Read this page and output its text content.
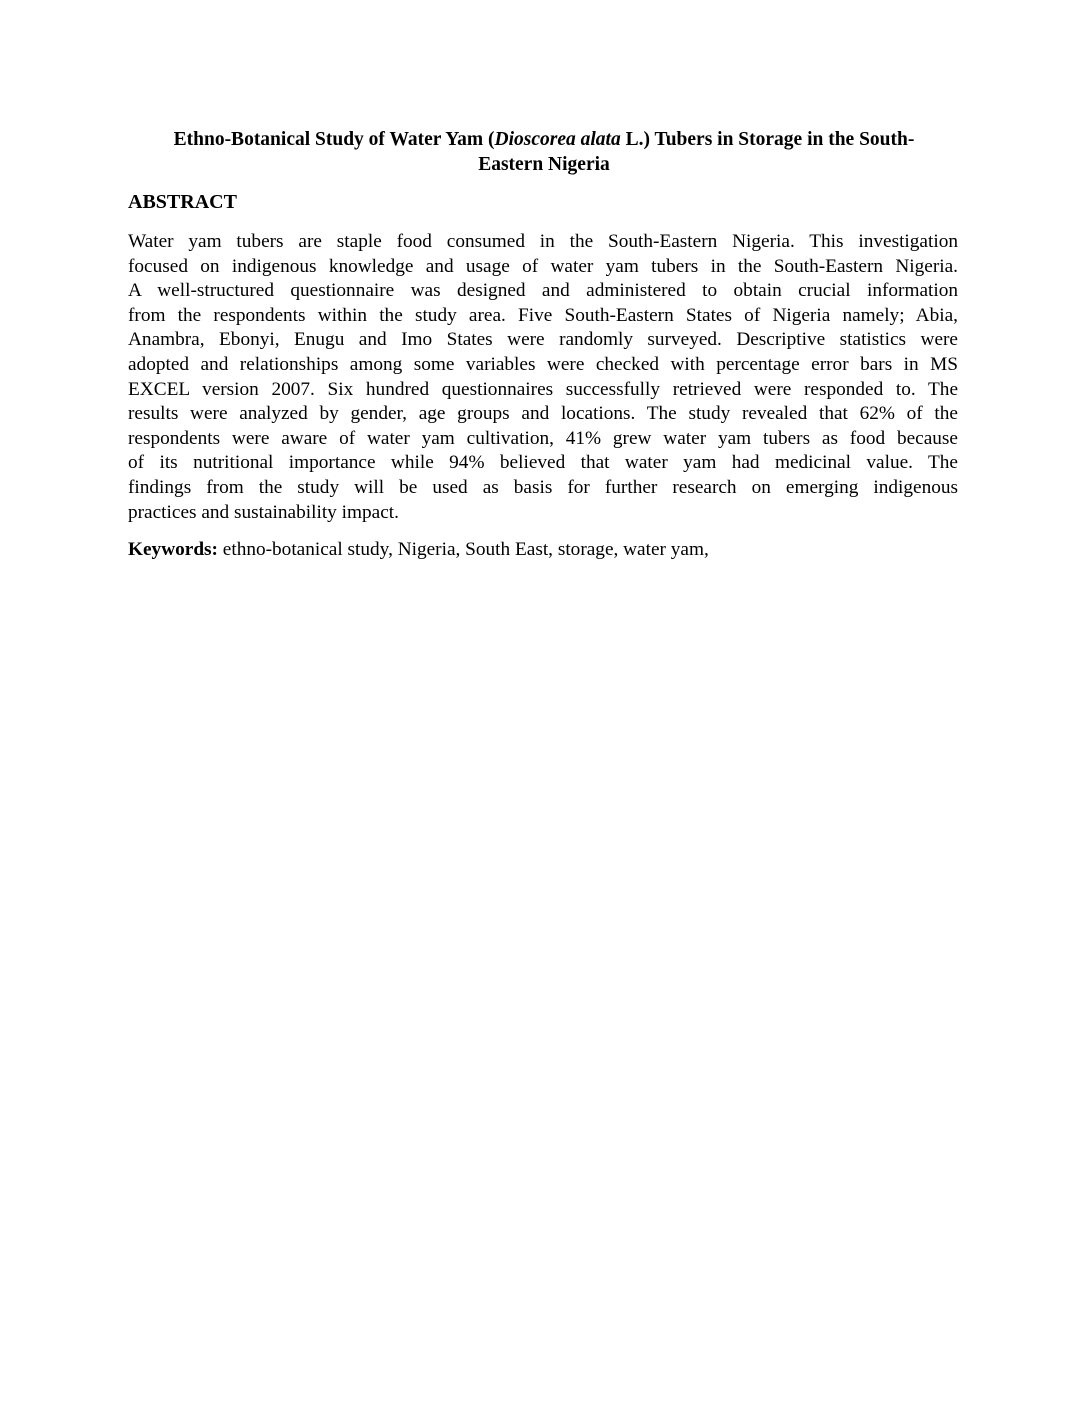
Ethno-Botanical Study of Water Yam (Dioscorea alata L.) Tubers in Storage in the South-
Eastern Nigeria
ABSTRACT
Water yam tubers are staple food consumed in the South-Eastern Nigeria. This investigation
focused on indigenous knowledge and usage of water yam tubers in the South-Eastern Nigeria.
A well-structured questionnaire was designed and administered to obtain crucial information
from the respondents within the study area. Five South-Eastern States of Nigeria namely; Abia,
Anambra, Ebonyi, Enugu and Imo States were randomly surveyed. Descriptive statistics were
adopted and relationships among some variables were checked with percentage error bars in MS
EXCEL version 2007. Six hundred questionnaires successfully retrieved were responded to. The
results were analyzed by gender, age groups and locations. The study revealed that 62% of the
respondents were aware of water yam cultivation, 41% grew water yam tubers as food because
of its nutritional importance while 94% believed that water yam had medicinal value. The
findings from the study will be used as basis for further research on emerging indigenous
practices and sustainability impact.
Keywords: ethno-botanical study, Nigeria, South East, storage, water yam,
